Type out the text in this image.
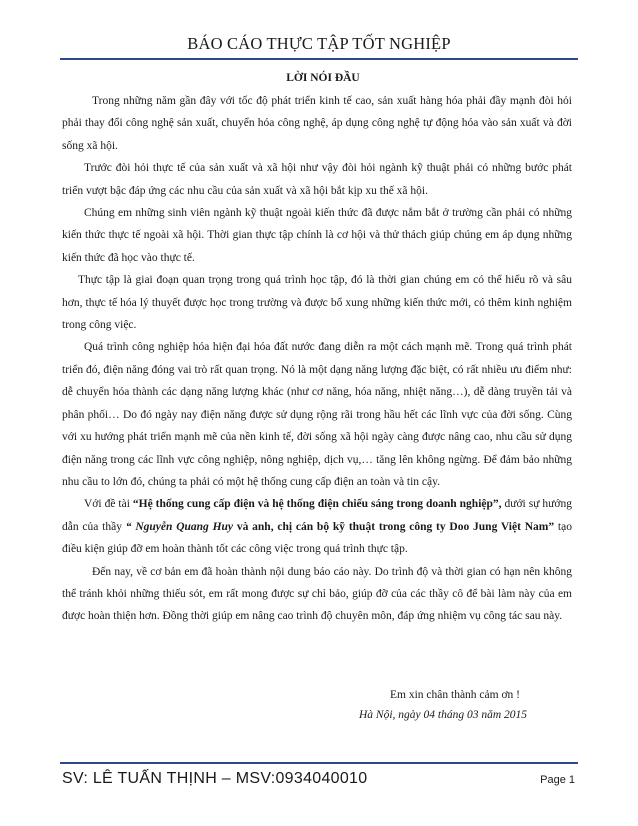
BÁO CÁO THỰC TẬP TỐT NGHIỆP
LỜI NÓI ĐẦU

Trong những năm gần đây với tốc độ phát triển kinh tế cao, sản xuất hàng hóa phải đầy mạnh đòi hỏi phải thay đổi công nghệ sản xuất, chuyển hóa công nghệ, áp dụng công nghệ tự động hóa vào sản xuất và đời sống xã hội.

Trước đòi hỏi thực tế của sản xuất và xã hội như vậy đòi hỏi ngành kỹ thuật phải có những bước phát triển vượt bậc đáp ứng các nhu cầu của sản xuất và xã hội bắt kịp xu thế xã hội.

Chúng em những sinh viên ngành kỹ thuật ngoài kiến thức đã được nắm bắt ở trường cần phải có những kiến thức thực tế ngoài xã hội. Thời gian thực tập chính là cơ hội và thử thách giúp chúng em áp dụng những kiến thức đã học vào thực tế.

Thực tập là giai đoạn quan trọng trong quá trình học tập, đó là thời gian chúng em có thể hiểu rõ và sâu hơn, thực tế hóa lý thuyết được học trong trường và được bổ xung những kiến thức mới, có thêm kinh nghiệm trong công việc.

Quá trình công nghiệp hóa hiện đại hóa đất nước đang diễn ra một cách mạnh mẽ. Trong quá trình phát triển đó, điện năng đóng vai trò rất quan trọng. Nó là một dạng năng lượng đặc biệt, có rất nhiều ưu điểm như: dễ chuyển hóa thành các dạng năng lượng khác (như cơ năng, hóa năng, nhiệt năng…), dễ dàng truyền tải và phân phối… Do đó ngày nay điện năng được sử dụng rộng rãi trong hầu hết các lĩnh vực của đời sống. Cùng với xu hướng phát triển mạnh mẽ của nền kinh tế, đời sống xã hội ngày càng được nâng cao, nhu cầu sử dụng điện năng trong các lĩnh vực công nghiệp, nông nghiệp, dịch vụ,… tăng lên không ngừng. Để đảm bảo những nhu cầu to lớn đó, chúng ta phải có một hệ thống cung cấp điện an toàn và tin cậy.

Với đề tài “Hệ thống cung cấp điện và hệ thống điện chiếu sáng trong doanh nghiệp”, dưới sự hướng dẫn của thầy “ Nguyễn Quang Huy và anh, chị cán bộ kỹ thuật trong công ty Doo Jung Việt Nam” tạo điều kiện giúp đỡ em hoàn thành tốt các công việc trong quá trình thực tập.

Đến nay, về cơ bản em đã hoàn thành nội dung báo cáo này. Do trình độ và thời gian có hạn nên không thể tránh khỏi những thiếu sót, em rất mong được sự chỉ bảo, giúp đỡ của các thầy cô để bài làm này của em được hoàn thiện hơn. Đồng thời giúp em nâng cao trình độ chuyên môn, đáp ứng nhiệm vụ công tác sau này.

Em xin chân thành cảm ơn !
Hà Nội, ngày 04 tháng 03 năm 2015
SV: LÊ TUẤN THỊNH – MSV:0934040010	Page 1
